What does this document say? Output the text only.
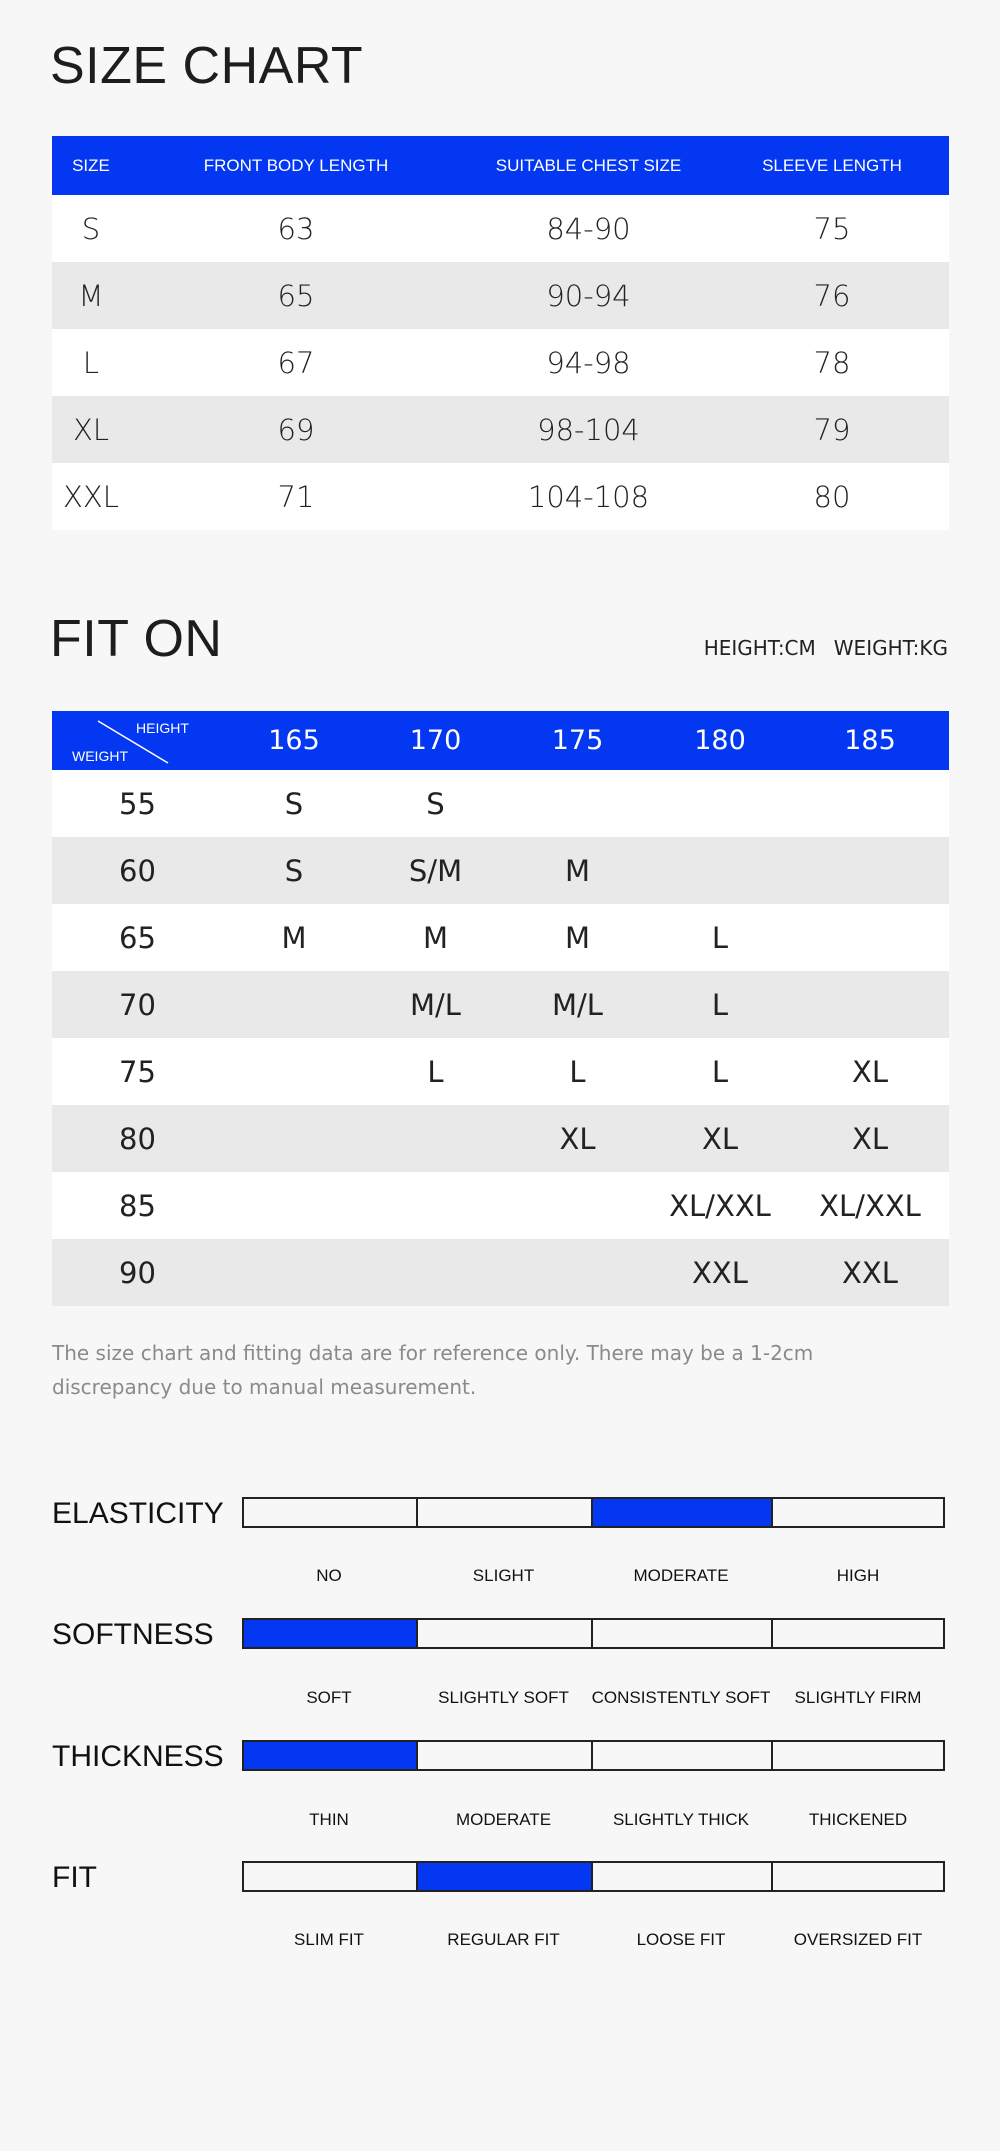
SIZE CHART
SIZE	FRONT BODY LENGTH	SUITABLE CHEST SIZE	SLEEVE LENGTH
S	63	84-90	75
M	65	90-94	76
L	67	94-98	78
XL	69	98-104	79
XXL	71	104-108	80
FIT ON	HEIGHT:CM WEIGHT:KG
HEIGHT
WEIGHT	165	170	175	180	185
55	S	S			
60	S	S/M	M		
65	M	M	M	L	
70		M/L	M/L	L	
75		L	L	L	XL
80			XL	XL	XL
85				XL/XXL	XL/XXL
90				XXL	XXL

The size chart and fitting data are for reference only. There may be a 1-2cm discrepancy due to manual measurement.

ELASTICITY
NO	SLIGHT	MODERATE	HIGH
SOFTNESS
SOFT	SLIGHTLY SOFT	CONSISTENTLY SOFT	SLIGHTLY FIRM
THICKNESS
THIN	MODERATE	SLIGHTLY THICK	THICKENED
FIT
SLIM FIT	REGULAR FIT	LOOSE FIT	OVERSIZED FIT
